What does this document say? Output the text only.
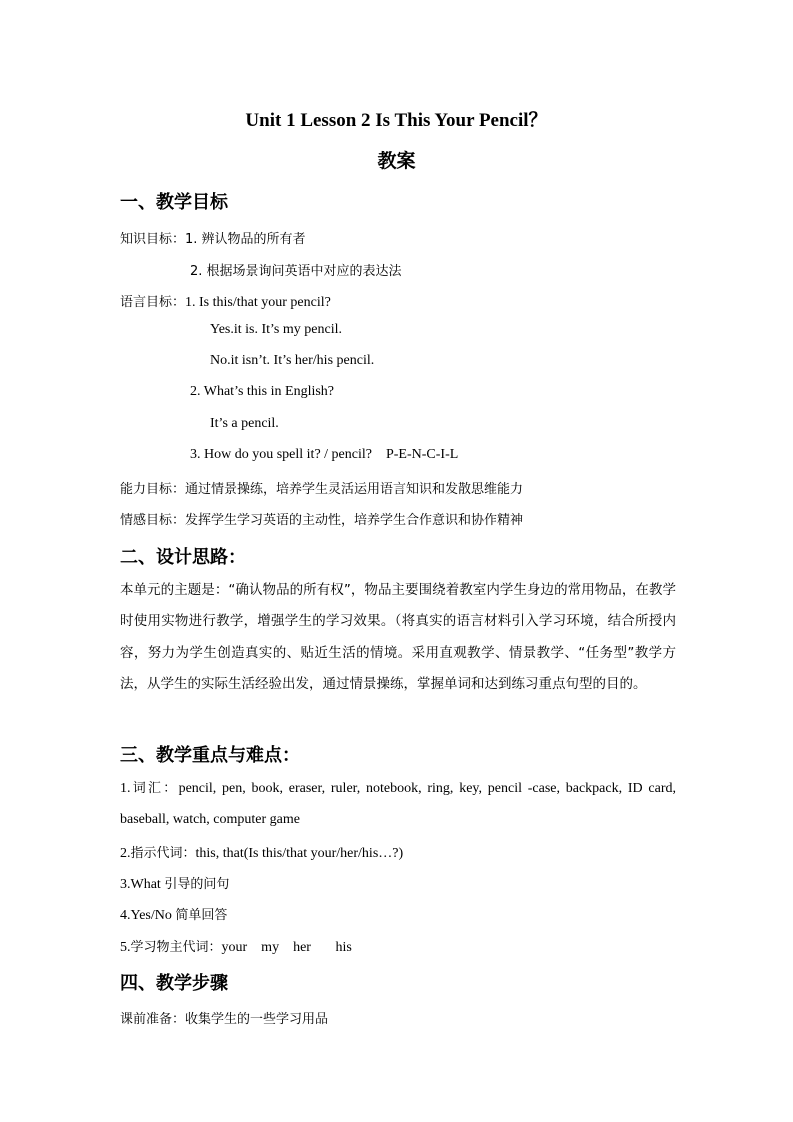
Unit 1 Lesson 2 Is This Your Pencil？
教案
一、教学目标
知识目标：1. 辨认物品的所有者
2. 根据场景询问英语中对应的表达法
语言目标：1. Is this/that your pencil?
Yes.it is. It’s my pencil.
No.it isn’t. It’s her/his pencil.
2. What’s this in English?
It’s a pencil.
3. How do you spell it? / pencil?    P-E-N-C-I-L
能力目标：通过情景操练，培养学生灵活运用语言知识和发散思维能力
情感目标：发挥学生学习英语的主动性，培养学生合作意识和协作精神
二、设计思路：
本单元的主题是：“确认物品的所有权”，物品主要围绕着教室内学生身边的常用物品，在教学时使用实物进行教学，增强学生的学习效果。（将真实的语言材料引入学习环境，结合所授内容，努力为学生创造真实的、贴近生活的情境。采用直观教学、情景教学、“任务型”教学方法，从学生的实际生活经验出发，通过情景操练，掌握单词和达到练习重点句型的目的。
三、教学重点与难点：
1.词汇：pencil, pen, book, eraser, ruler, notebook, ring, key, pencil -case, backpack, ID card, baseball, watch, computer game
2.指示代词：this, that(Is this/that your/her/his…?)
3.What 引导的问句
4.Yes/No 简单回答
5.学习物主代词：your    my    her       his
四、教学步骤
课前准备：收集学生的一些学习用品
